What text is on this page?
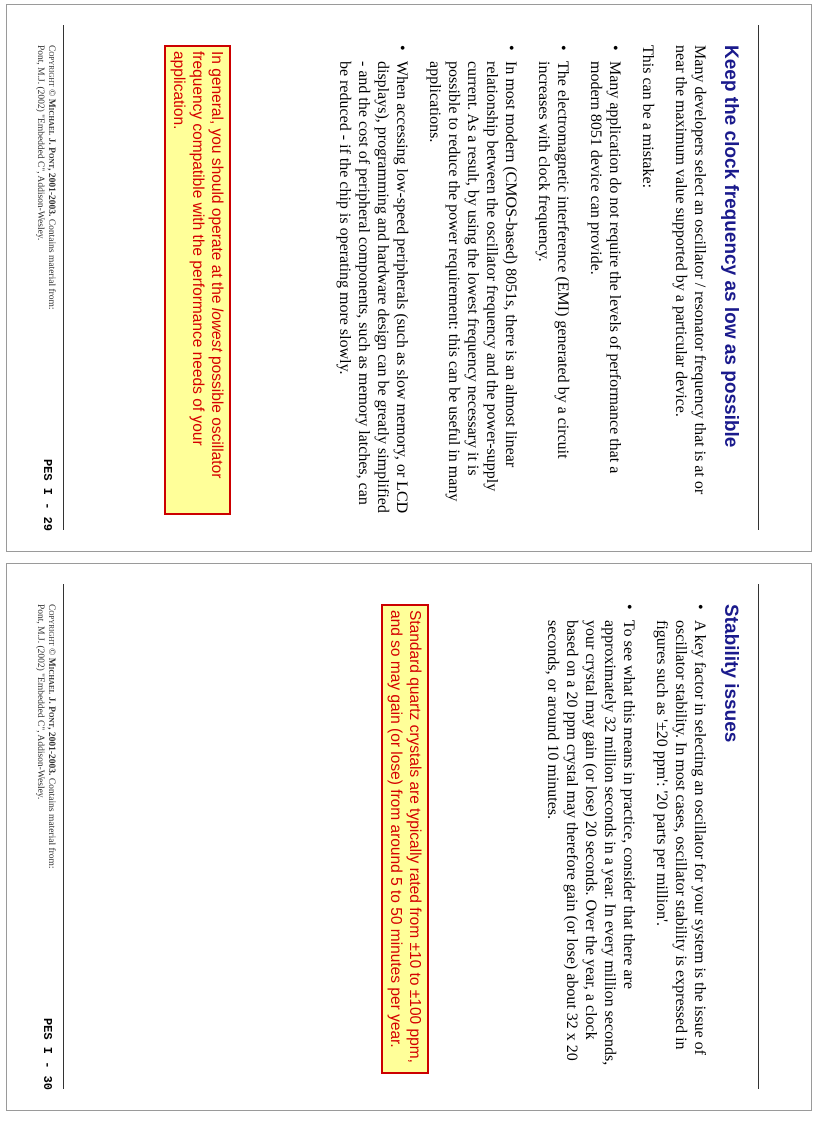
Keep the clock frequency as low as possible

Many developers select an oscillator / resonator frequency that is at or near the maximum value supported by a particular device.

This can be a mistake:

•
Many application do not require the levels of performance that a modern 8051 device can provide.
•
The electromagnetic interference (EMI) generated by a circuit increases with clock frequency.
•
In most modern (CMOS-based) 8051s, there is an almost linear relationship between the oscillator frequency and the power-supply current. As a result, by using the lowest frequency necessary it is possible to reduce the power requirement: this can be useful in many applications.
•
When accessing low-speed peripherals (such as slow memory, or LCD displays), programming and hardware design can be greatly simplified - and the cost of peripheral components, such as memory latches, can be reduced - if the chip is operating more slowly.
In general, you should operate at the lowest possible oscillator frequency compatible with the performance needs of your application.
Copyright © Michael J. Pont, 2001-2003. Contains material from:
Pont, M.J. (2002) "Embedded C", Addison-Wesley.
PES I - 29
Stability issues
•
A key factor in selecting an oscillator for your system is the issue of oscillator stability. In most cases, oscillator stability is expressed in figures such as '±20 ppm': '20 parts per million'.
•
To see what this means in practice, consider that there are approximately 32 million seconds in a year. In every million seconds, your crystal may gain (or lose) 20 seconds. Over the year, a clock based on a 20 ppm crystal may therefore gain (or lose) about 32 x 20 seconds, or around 10 minutes.
Standard quartz crystals are typically rated from ±10 to ±100 ppm, and so may gain (or lose) from around 5 to 50 minutes per year.
Copyright © Michael J. Pont, 2001-2003. Contains material from:
Pont, M.J. (2002) "Embedded C", Addison-Wesley.
PES I - 30
